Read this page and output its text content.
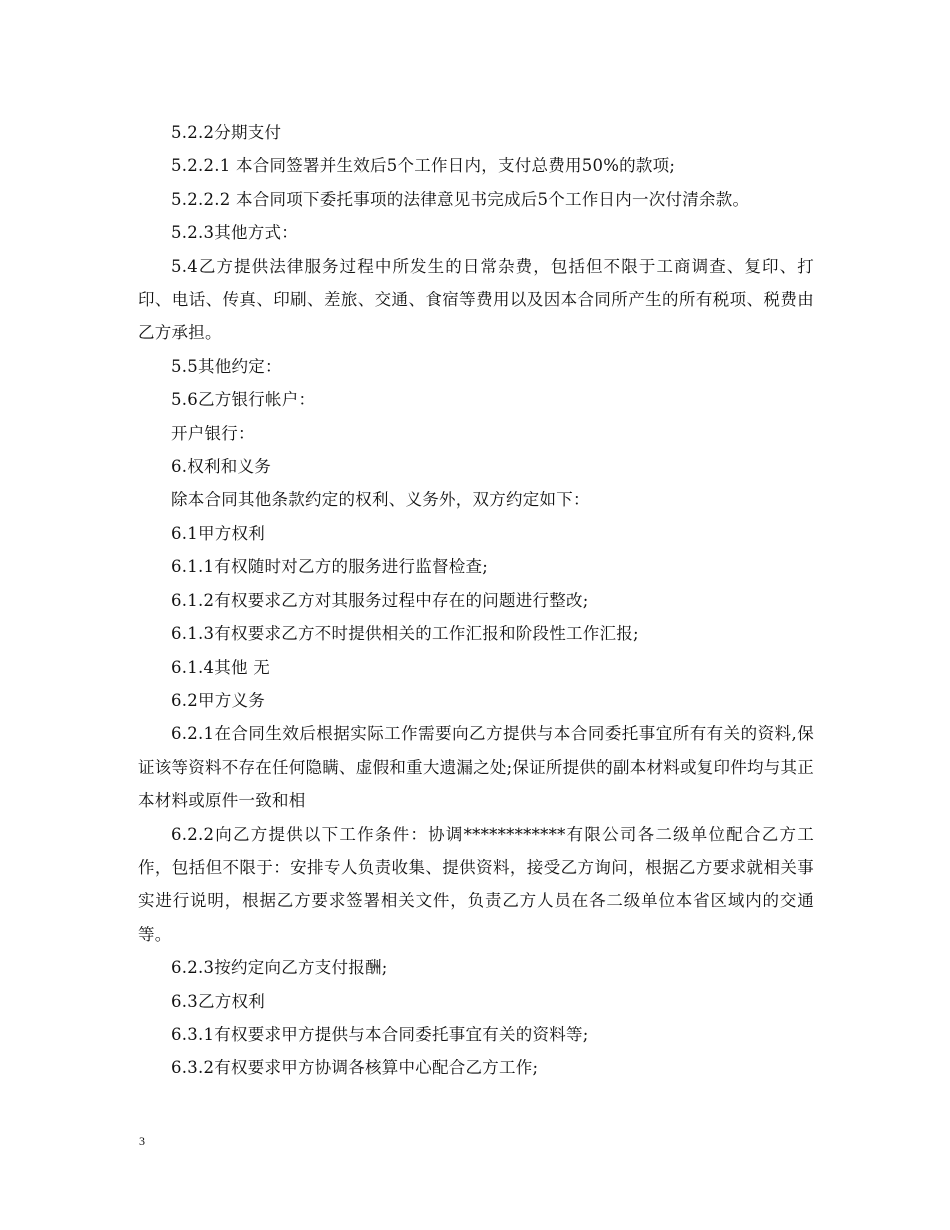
5.2.2分期支付

5.2.2.1 本合同签署并生效后5个工作日内，支付总费用50%的款项;

5.2.2.2 本合同项下委托事项的法律意见书完成后5个工作日内一次付清余款。

5.2.3其他方式：

5.4乙方提供法律服务过程中所发生的日常杂费，包括但不限于工商调查、复印、打印、电话、传真、印刷、差旅、交通、食宿等费用以及因本合同所产生的所有税项、税费由 乙方承担。

5.5其他约定：

5.6乙方银行帐户：

开户银行：

6.权利和义务

除本合同其他条款约定的权利、义务外，双方约定如下：

6.1甲方权利

6.1.1有权随时对乙方的服务进行监督检查;

6.1.2有权要求乙方对其服务过程中存在的问题进行整改;

6.1.3有权要求乙方不时提供相关的工作汇报和阶段性工作汇报;

6.1.4其他 无

6.2甲方义务

6.2.1在合同生效后根据实际工作需要向乙方提供与本合同委托事宜所有有关的资料,保证该等资料不存在任何隐瞒、虚假和重大遗漏之处;保证所提供的副本材料或复印件均与其正本材料或原件一致和相

6.2.2向乙方提供以下工作条件：协调************有限公司各二级单位配合乙方工作，包括但不限于：安排专人负责收集、提供资料，接受乙方询问，根据乙方要求就相关事实进行说明，根据乙方要求签署相关文件，负责乙方人员在各二级单位本省区域内的交通等。

6.2.3按约定向乙方支付报酬;

6.3乙方权利

6.3.1有权要求甲方提供与本合同委托事宜有关的资料等;

6.3.2有权要求甲方协调各核算中心配合乙方工作;

3
